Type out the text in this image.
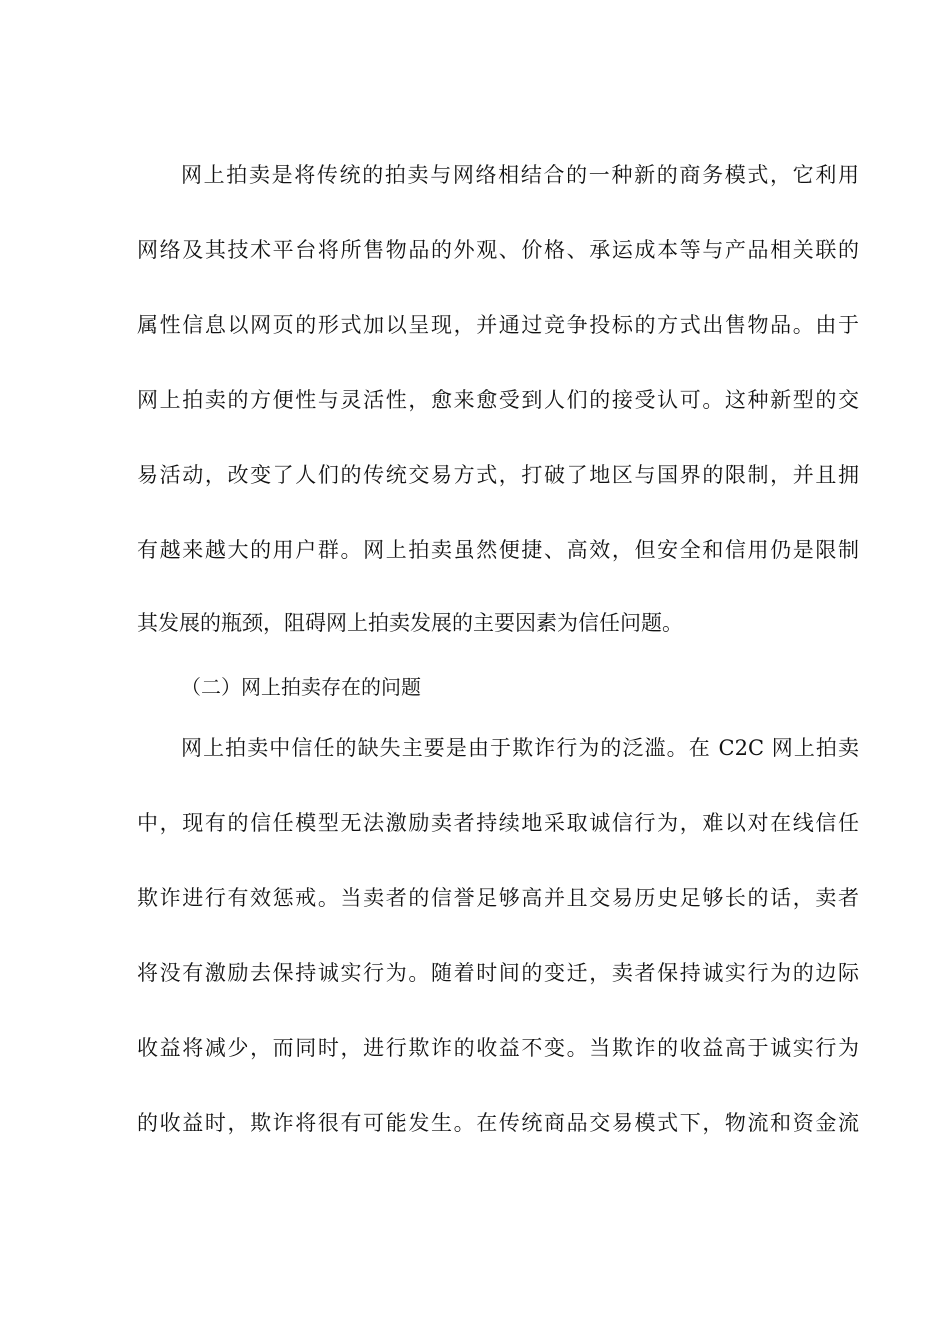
网上拍卖是将传统的拍卖与网络相结合的一种新的商务模式，它利用
网络及其技术平台将所售物品的外观、价格、承运成本等与产品相关联的
属性信息以网页的形式加以呈现，并通过竞争投标的方式出售物品。由于
网上拍卖的方便性与灵活性，愈来愈受到人们的接受认可。这种新型的交
易活动，改变了人们的传统交易方式，打破了地区与国界的限制，并且拥
有越来越大的用户群。网上拍卖虽然便捷、高效，但安全和信用仍是限制
其发展的瓶颈，阻碍网上拍卖发展的主要因素为信任问题。
（二）网上拍卖存在的问题
网上拍卖中信任的缺失主要是由于欺诈行为的泛滥。在 C2C 网上拍卖
中，现有的信任模型无法激励卖者持续地采取诚信行为，难以对在线信任
欺诈进行有效惩戒。当卖者的信誉足够高并且交易历史足够长的话，卖者
将没有激励去保持诚实行为。随着时间的变迁，卖者保持诚实行为的边际
收益将减少，而同时，进行欺诈的收益不变。当欺诈的收益高于诚实行为
的收益时，欺诈将很有可能发生。在传统商品交易模式下，物流和资金流
